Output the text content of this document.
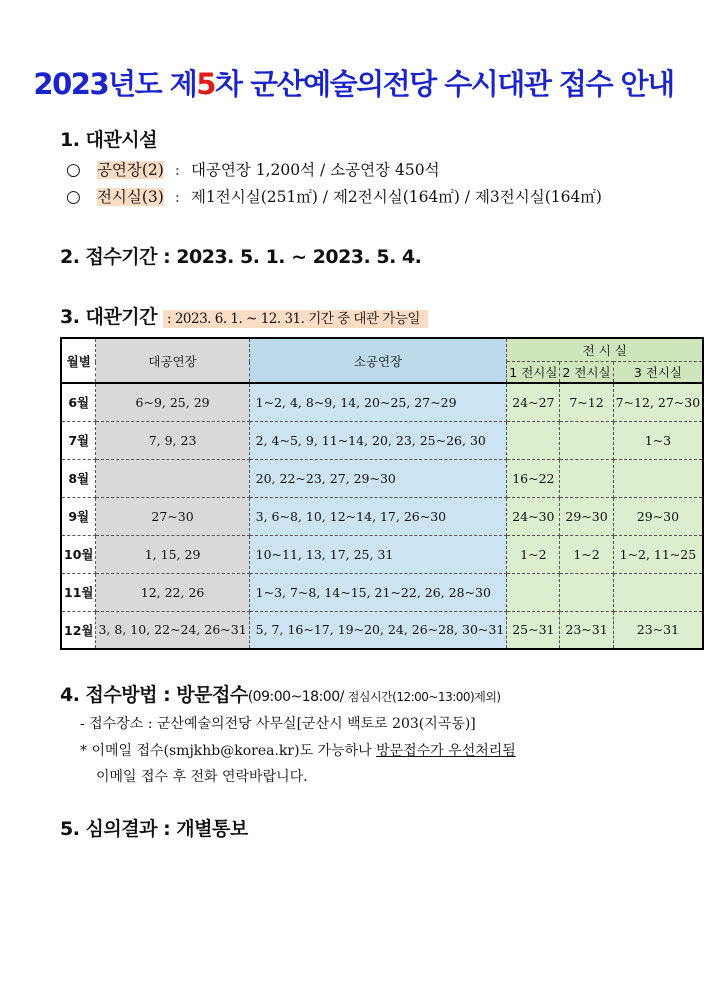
2023년도 제5차 군산예술의전당 수시대관 접수 안내
1. 대관시설
○ 공연장(2) : 대공연장 1,200석 / 소공연장 450석
○ 전시실(3) : 제1전시실(251㎡) / 제2전시실(164㎡) / 제3전시실(164㎡)
2. 접수기간 : 2023. 5. 1. ~ 2023. 5. 4.
3. 대관기간 : 2023. 6. 1. ~ 12. 31. 기간 중 대관 가능일
월별	대공연장	소공연장	전 시 실		
			1 전시실	2 전시실	3 전시실
6월	6~9, 25, 29	1~2, 4, 8~9, 14, 20~25, 27~29	24~27	7~12	7~12, 27~30
7월	7, 9, 23	2, 4~5, 9, 11~14, 20, 23, 25~26, 30			1~3
8월		20, 22~23, 27, 29~30	16~22		
9월	27~30	3, 6~8, 10, 12~14, 17, 26~30	24~30	29~30	29~30
10월	1, 15, 29	10~11, 13, 17, 25, 31	1~2	1~2	1~2, 11~25
11월	12, 22, 26	1~3, 7~8, 14~15, 21~22, 26, 28~30			
12월	3, 8, 10, 22~24, 26~31	5, 7, 16~17, 19~20, 24, 26~28, 30~31	25~31	23~31	23~31
4. 접수방법 : 방문접수(09:00~18:00/ 점심시간(12:00~13:00)제외)
- 접수장소 : 군산예술의전당 사무실[군산시 백토로 203(지곡동)]
* 이메일 접수(smjkhb@korea.kr)도 가능하나 방문접수가 우선처리됨
이메일 접수 후 전화 연락바랍니다.
5. 심의결과 : 개별통보
